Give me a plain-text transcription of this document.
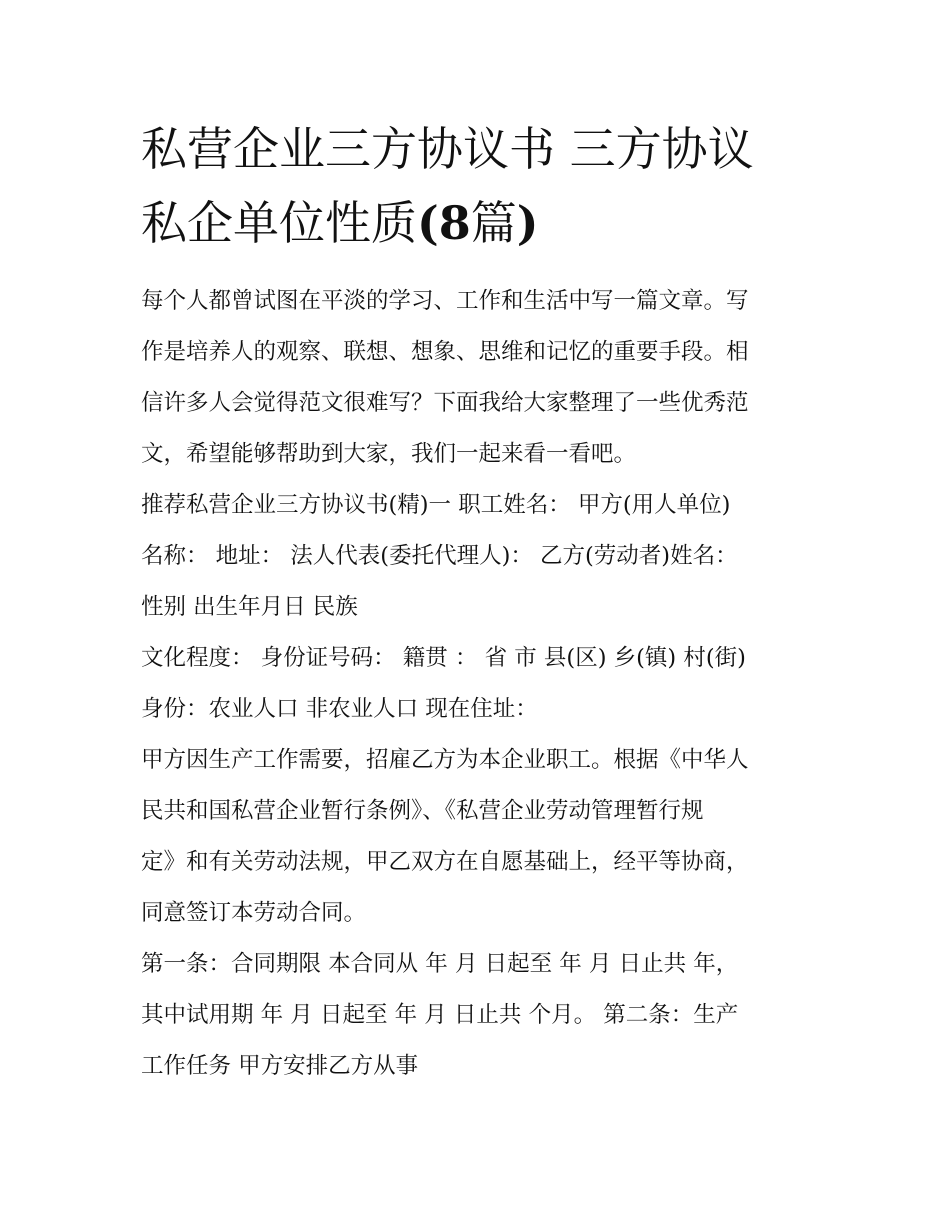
私营企业三方协议书 三方协议
私企单位性质(8篇)
每个人都曾试图在平淡的学习、工作和生活中写一篇文章。写
作是培养人的观察、联想、想象、思维和记忆的重要手段。相
信许多人会觉得范文很难写？下面我给大家整理了一些优秀范
文，希望能够帮助到大家，我们一起来看一看吧。
推荐私营企业三方协议书(精)一 职工姓名： 甲方(用人单位)
名称： 地址： 法人代表(委托代理人)： 乙方(劳动者)姓名：
性别 出生年月日 民族
文化程度： 身份证号码： 籍贯 ： 省 市 县(区) 乡(镇) 村(街)
身份：农业人口 非农业人口 现在住址：
甲方因生产工作需要，招雇乙方为本企业职工。根据《中华人
民共和国私营企业暂行条例》、《私营企业劳动管理暂行规
定》和有关劳动法规，甲乙双方在自愿基础上，经平等协商，
同意签订本劳动合同。
第一条：合同期限 本合同从 年 月 日起至 年 月 日止共 年，
其中试用期 年 月 日起至 年 月 日止共 个月。 第二条：生产
工作任务 甲方安排乙方从事
